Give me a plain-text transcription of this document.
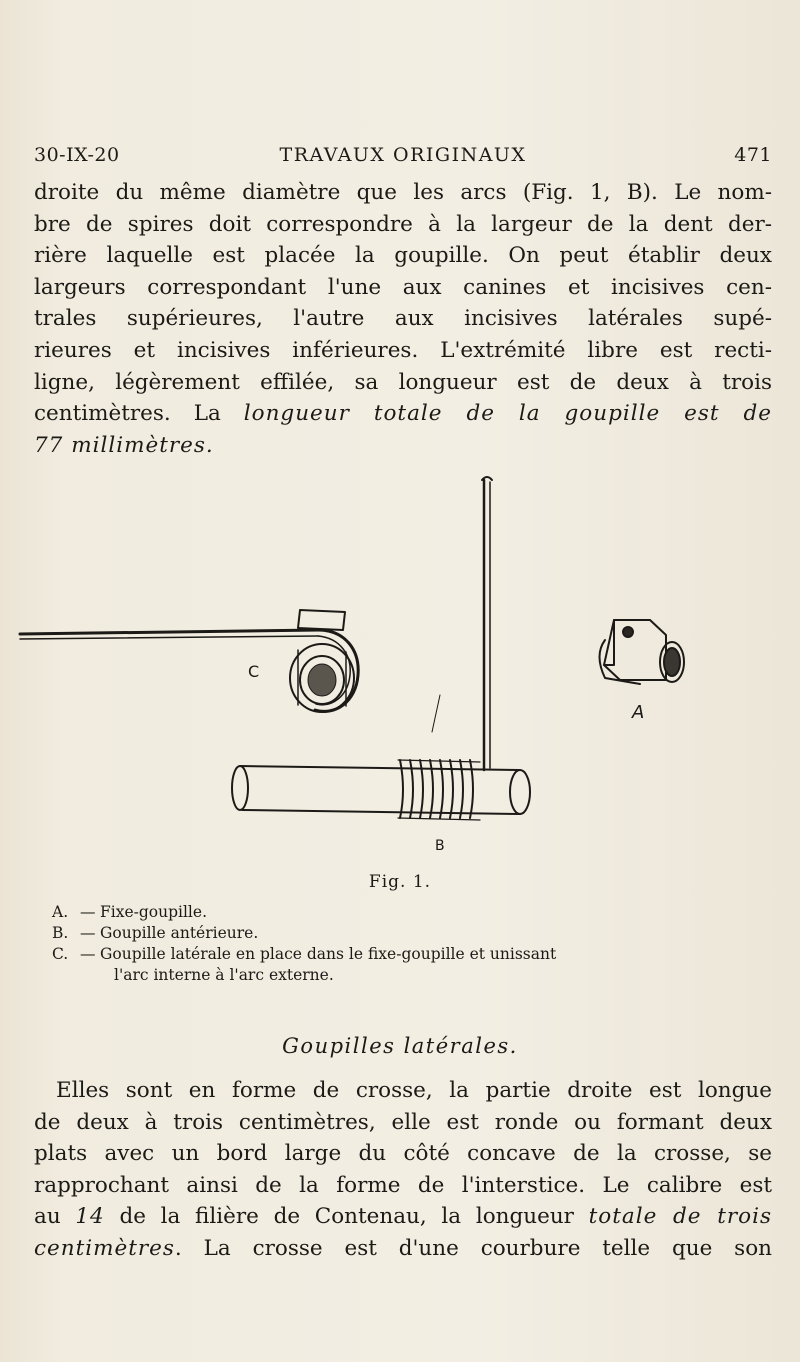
30-IX-20	TRAVAUX ORIGINAUX	471
droite du même diamètre que les arcs (Fig. 1, B). Le nom-
bre de spires doit correspondre à la largeur de la dent der-
rière laquelle est placée la goupille. On peut établir deux
largeurs correspondant l'une aux canines et incisives cen-
trales supérieures, l'autre aux incisives latérales supé-
rieures et incisives inférieures. L'extrémité libre est recti-
ligne, légèrement effilée, sa longueur est de deux à trois
centimètres. La longueur totale de la goupille est de
77 millimètres.
C
B
A
Fig. 1.
A. — Fixe-goupille.
B. — Goupille antérieure.
C. — Goupille latérale en place dans le fixe-goupille et unissant
l'arc interne à l'arc externe.
Goupilles latérales.
Elles sont en forme de crosse, la partie droite est longue
de deux à trois centimètres, elle est ronde ou formant deux
plats avec un bord large du côté concave de la crosse, se
rapprochant ainsi de la forme de l'interstice. Le calibre est
au 14 de la filière de Contenau, la longueur totale de trois
centimètres. La crosse est d'une courbure telle que son
